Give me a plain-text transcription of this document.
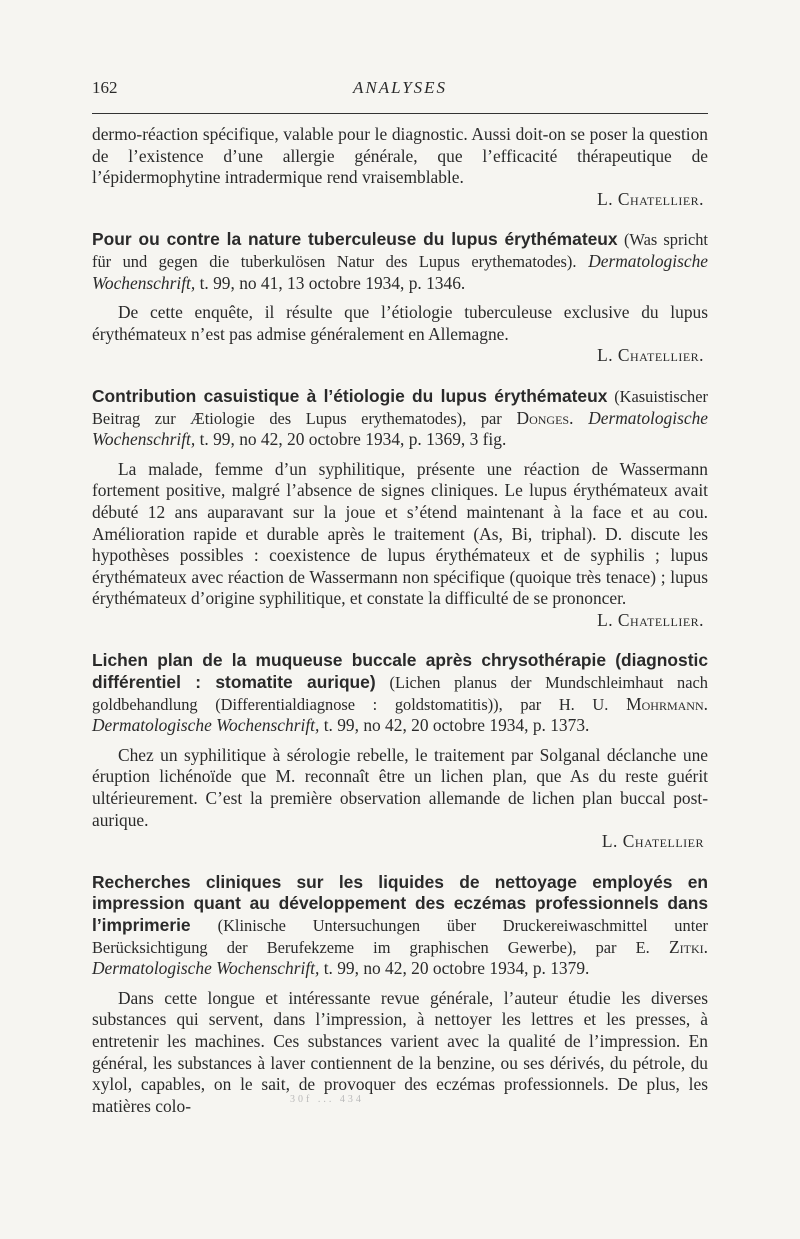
162	ANALYSES

dermo-réaction spécifique, valable pour le diagnostic. Aussi doit-on se poser la question de l’existence d’une allergie générale, que l’efficacité thérapeutique de l’épidermophytine intradermique rend vraisemblable.

L. Chatellier.

Pour ou contre la nature tuberculeuse du lupus érythémateux (Was spricht für und gegen die tuberkulösen Natur des Lupus erythematodes). Dermatologische Wochenschrift, t. 99, no 41, 13 octobre 1934, p. 1346.

De cette enquête, il résulte que l’étiologie tuberculeuse exclusive du lupus érythémateux n’est pas admise généralement en Allemagne.

L. Chatellier.

Contribution casuistique à l’étiologie du lupus érythémateux (Kasuistischer Beitrag zur Ætiologie des Lupus erythematodes), par Donges. Dermatologische Wochenschrift, t. 99, no 42, 20 octobre 1934, p. 1369, 3 fig.

La malade, femme d’un syphilitique, présente une réaction de Wassermann fortement positive, malgré l’absence de signes cliniques. Le lupus érythémateux avait débuté 12 ans auparavant sur la joue et s’étend maintenant à la face et au cou. Amélioration rapide et durable après le traitement (As, Bi, triphal). D. discute les hypothèses possibles : coexistence de lupus érythémateux et de syphilis ; lupus érythémateux avec réaction de Wassermann non spécifique (quoique très tenace) ; lupus érythémateux d’origine syphilitique, et constate la difficulté de se prononcer.

L. Chatellier.

Lichen plan de la muqueuse buccale après chrysothérapie (diagnostic différentiel : stomatite aurique) (Lichen planus der Mundschleimhaut nach goldbehandlung (Differentialdiagnose : goldstomatitis)), par H. U. Mohrmann. Dermatologische Wochenschrift, t. 99, no 42, 20 octobre 1934, p. 1373.

Chez un syphilitique à sérologie rebelle, le traitement par Solganal déclanche une éruption lichénoïde que M. reconnaît être un lichen plan, que As du reste guérit ultérieurement. C’est la première observation allemande de lichen plan buccal post-aurique.

L. Chatellier

Recherches cliniques sur les liquides de nettoyage employés en impression quant au développement des eczémas professionnels dans l’imprimerie (Klinische Untersuchungen über Druckereiwaschmittel unter Berücksichtigung der Berufekzeme im graphischen Gewerbe), par E. Zitki. Dermatologische Wochenschrift, t. 99, no 42, 20 octobre 1934, p. 1379.

Dans cette longue et intéressante revue générale, l’auteur étudie les diverses substances qui servent, dans l’impression, à nettoyer les lettres et les presses, à entretenir les machines. Ces substances varient avec la qualité de l’impression. En général, les substances à laver contiennent de la benzine, ou ses dérivés, du pétrole, du xylol, capables, on le sait, de provoquer des eczémas professionnels. De plus, les matières colo-	30f ... 434
